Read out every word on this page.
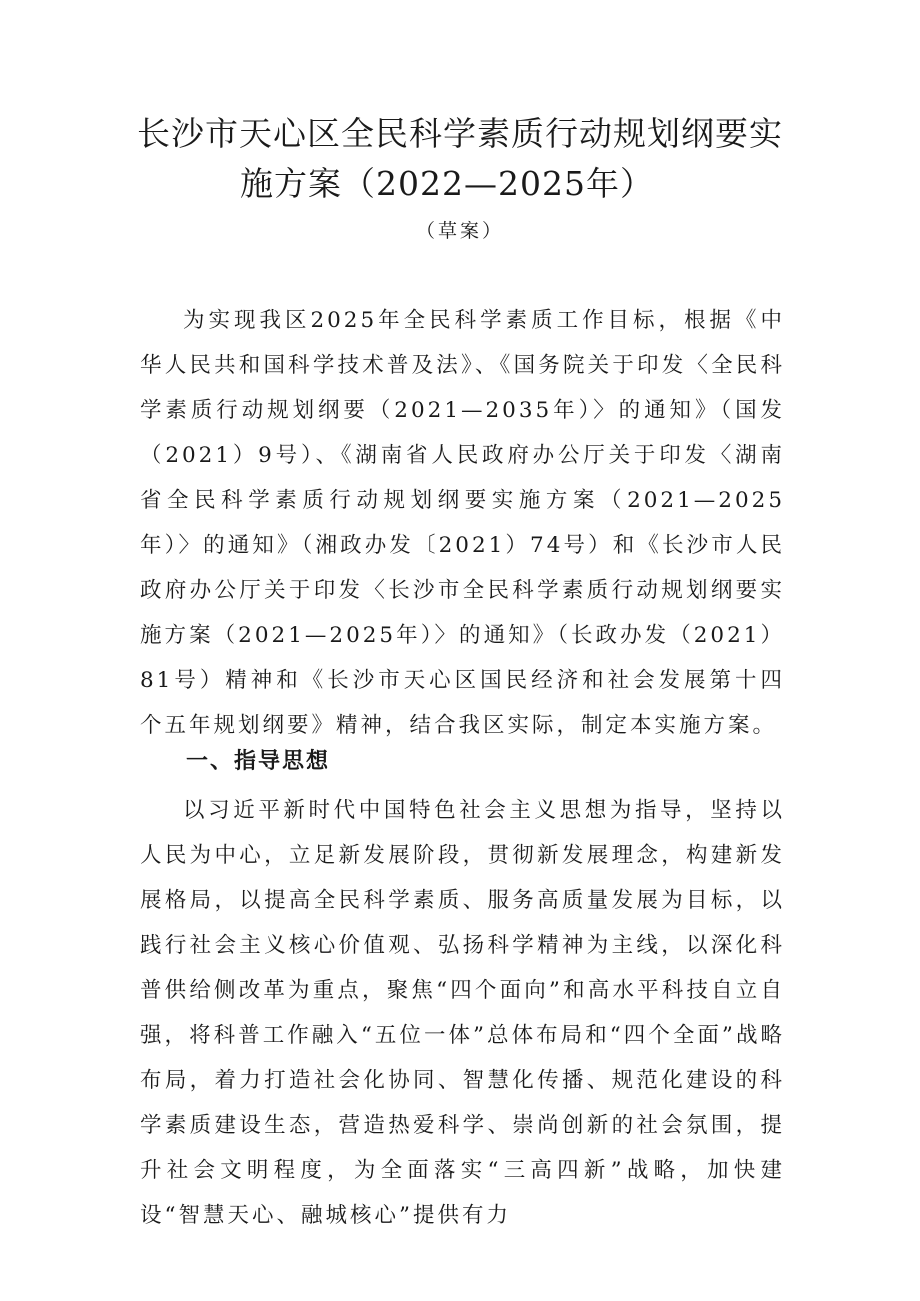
长沙市天心区全民科学素质行动规划纲要实
施方案（2022—2025年）
（草案）
为实现我区2025年全民科学素质工作目标，根据《中华人民共和国科学技术普及法》、《国务院关于印发〈全民科学素质行动规划纲要（2021—2035年）〉的通知》（国发（2021）9号）、《湖南省人民政府办公厅关于印发〈湖南省全民科学素质行动规划纲要实施方案（2021—2025年）〉的通知》（湘政办发〔2021）74号）和《长沙市人民政府办公厅关于印发〈长沙市全民科学素质行动规划纲要实施方案（2021—2025年）〉的通知》（长政办发（2021）81号）精神和《长沙市天心区国民经济和社会发展第十四个五年规划纲要》精神，结合我区实际，制定本实施方案。
一、指导思想
以习近平新时代中国特色社会主义思想为指导，坚持以人民为中心，立足新发展阶段，贯彻新发展理念，构建新发展格局，以提高全民科学素质、服务高质量发展为目标，以践行社会主义核心价值观、弘扬科学精神为主线，以深化科普供给侧改革为重点，聚焦“四个面向”和高水平科技自立自强，将科普工作融入“五位一体”总体布局和“四个全面”战略布局，着力打造社会化协同、智慧化传播、规范化建设的科学素质建设生态，营造热爱科学、崇尚创新的社会氛围，提升社会文明程度，为全面落实“三高四新”战略，加快建设“智慧天心、融城核心”提供有力
